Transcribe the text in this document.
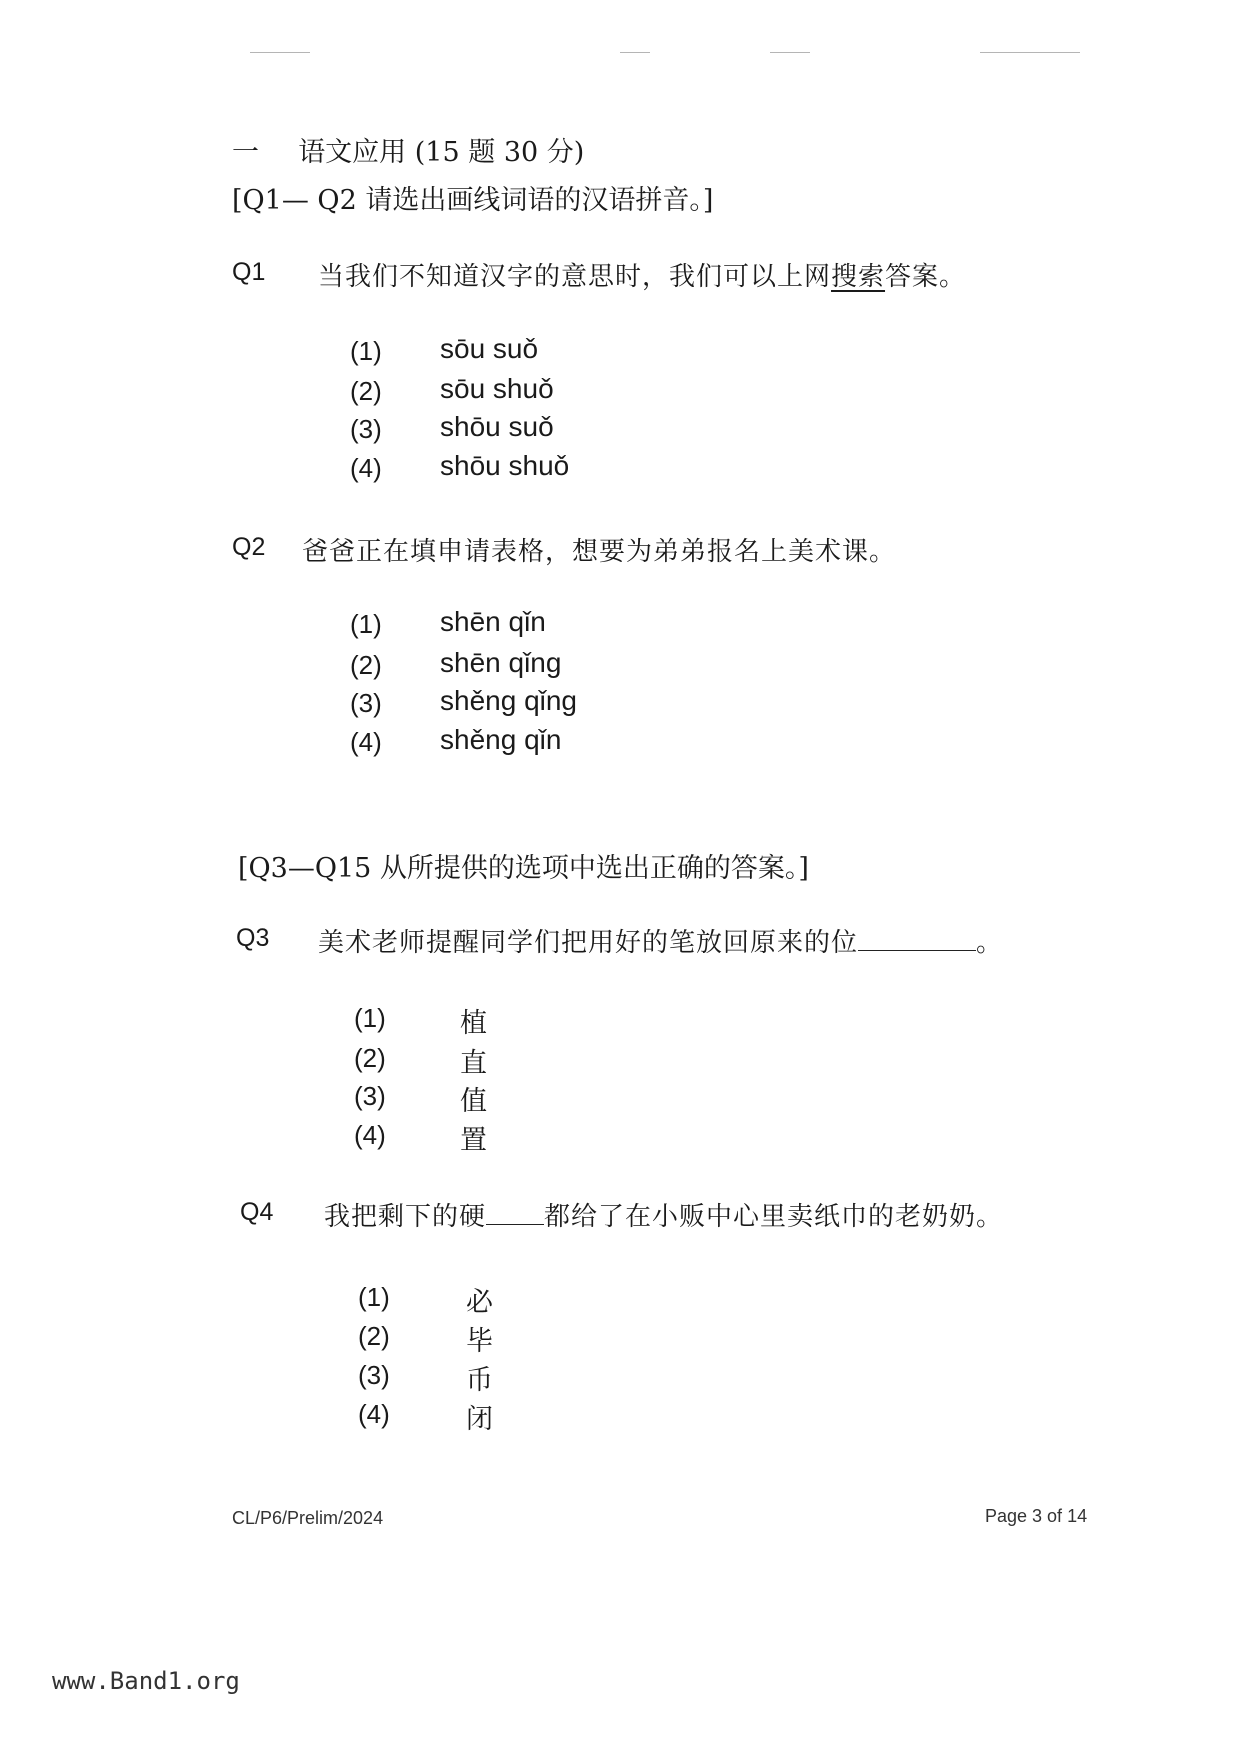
一 语文应用 (15 题 30 分)
[Q1— Q2 请选出画线词语的汉语拼音。]
Q1 当我们不知道汉字的意思时，我们可以上网搜索答案。
(1) sōu suǒ
(2) sōu shuǒ
(3) shōu suǒ
(4) shōu shuǒ
Q2 爸爸正在填申请表格，想要为弟弟报名上美术课。
(1) shēn qǐn
(2) shēn qǐng
(3) shěng qǐng
(4) shěng qǐn
[Q3—Q15 从所提供的选项中选出正确的答案。]
Q3 美术老师提醒同学们把用好的笔放回原来的位	。
(1)	植
(2)	直
(3)	值
(4)	置
Q4 我把剩下的硬 都给了在小贩中心里卖纸巾的老奶奶。
(1)	必
(2)	毕
(3)	币
(4)	闭
CL/P6/Prelim/2024	Page 3 of 14
www.Band1.org
